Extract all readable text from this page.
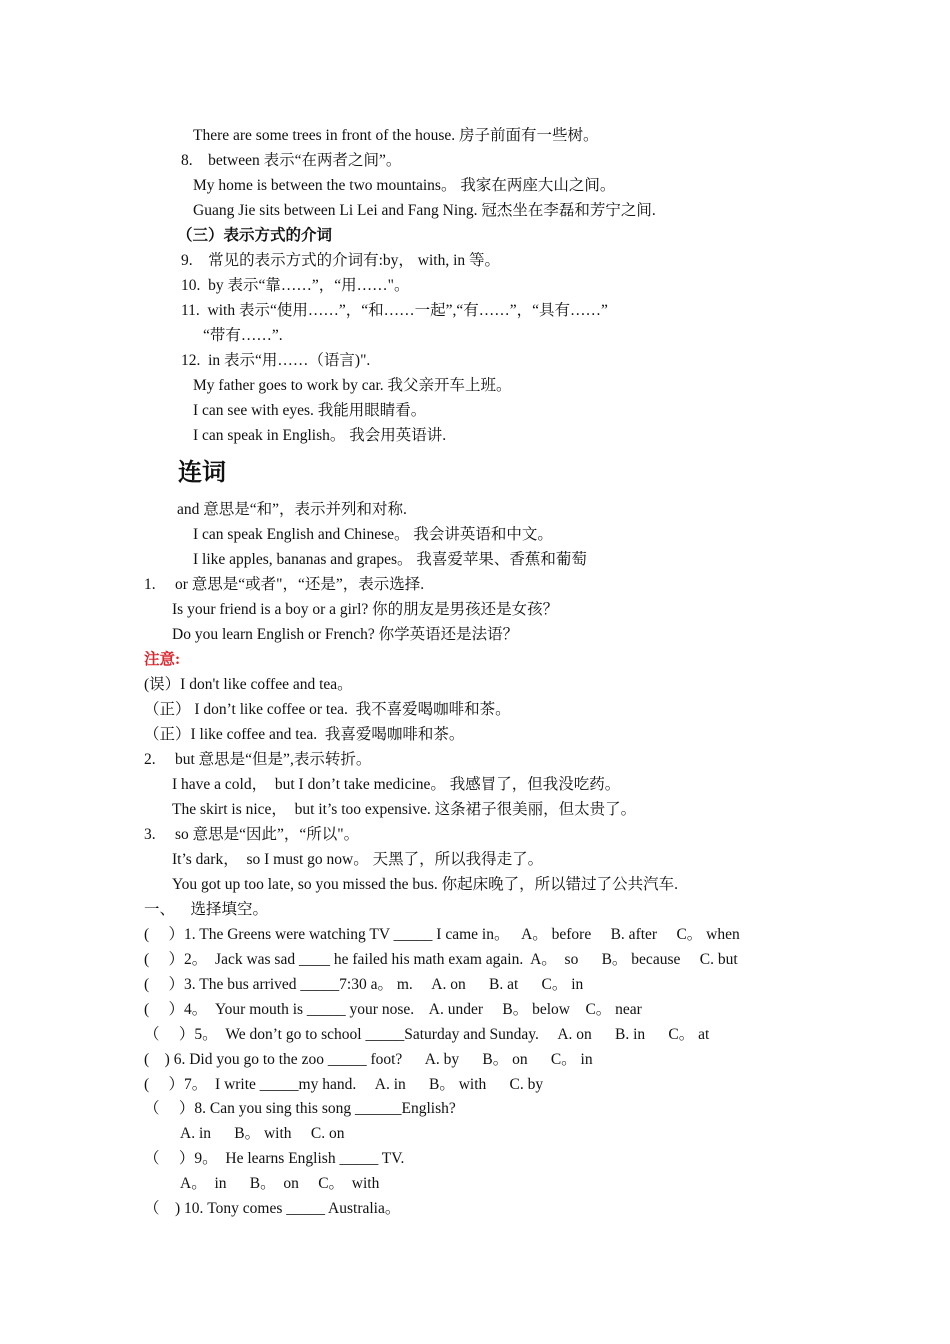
There are some trees in front of the house. 房子前面有一些树。
8.    between 表示“在两者之间”。
My home is between the two mountains。 我家在两座大山之间。
Guang Jie sits between Li Lei and Fang Ning. 冠杰坐在李磊和芳宁之间.
（三）表示方式的介词
9.    常见的表示方式的介词有:by， with, in 等。
10.  by 表示“靠……”，“用……"。
11.  with 表示“使用……”，“和……一起”,“有……”，“具有……”
“带有……”.
12.  in 表示“用……（语言)".
My father goes to work by car. 我父亲开车上班。
I can see with eyes. 我能用眼睛看。
I can speak in English。 我会用英语讲.
连词
and 意思是“和”，表示并列和对称.
I can speak English and Chinese。 我会讲英语和中文。
I like apples, bananas and grapes。 我喜爱苹果、香蕉和葡萄
1.     or 意思是“或者"，“还是”，表示选择.
Is your friend is a boy or a girl? 你的朋友是男孩还是女孩？
Do you learn English or French? 你学英语还是法语？
注意:
(误）I don't like coffee and tea。
（正） I don’t like coffee or tea.  我不喜爱喝咖啡和茶。
（正）I like coffee and tea.  我喜爱喝咖啡和茶。
2.     but 意思是“但是”,表示转折。
I have a cold，  but I don’t take medicine。 我感冒了，但我没吃药。
The skirt is nice，  but it’s too expensive. 这条裙子很美丽，但太贵了。
3.     so 意思是“因此”，“所以"。
It’s dark，  so I must go now。 天黑了，所以我得走了。
You got up too late, so you missed the bus. 你起床晚了，所以错过了公共汽车.
一、    选择填空。
(     ）1. The Greens were watching TV _____ I came in。   A。 before     B. after     C。 when
(     ）2。  Jack was sad ____ he failed his math exam again.  A。  so      B。 because     C. but
(     ）3. The bus arrived _____7:30 a。 m.     A. on      B. at      C。 in
(     ）4。  Your mouth is _____ your nose.    A. under     B。 below    C。 near
（     ）5。  We don’t go to school _____Saturday and Sunday.     A. on      B. in      C。 at
(    ) 6. Did you go to the zoo _____ foot?      A. by      B。 on      C。 in
(     ）7。  I write _____my hand.     A. in      B。 with      C. by
（     ）8. Can you sing this song ______English?
A. in      B。 with     C. on
（     ）9。  He learns English _____ TV.
A。  in      B。  on     C。  with
（    ) 10. Tony comes _____ Australia。
